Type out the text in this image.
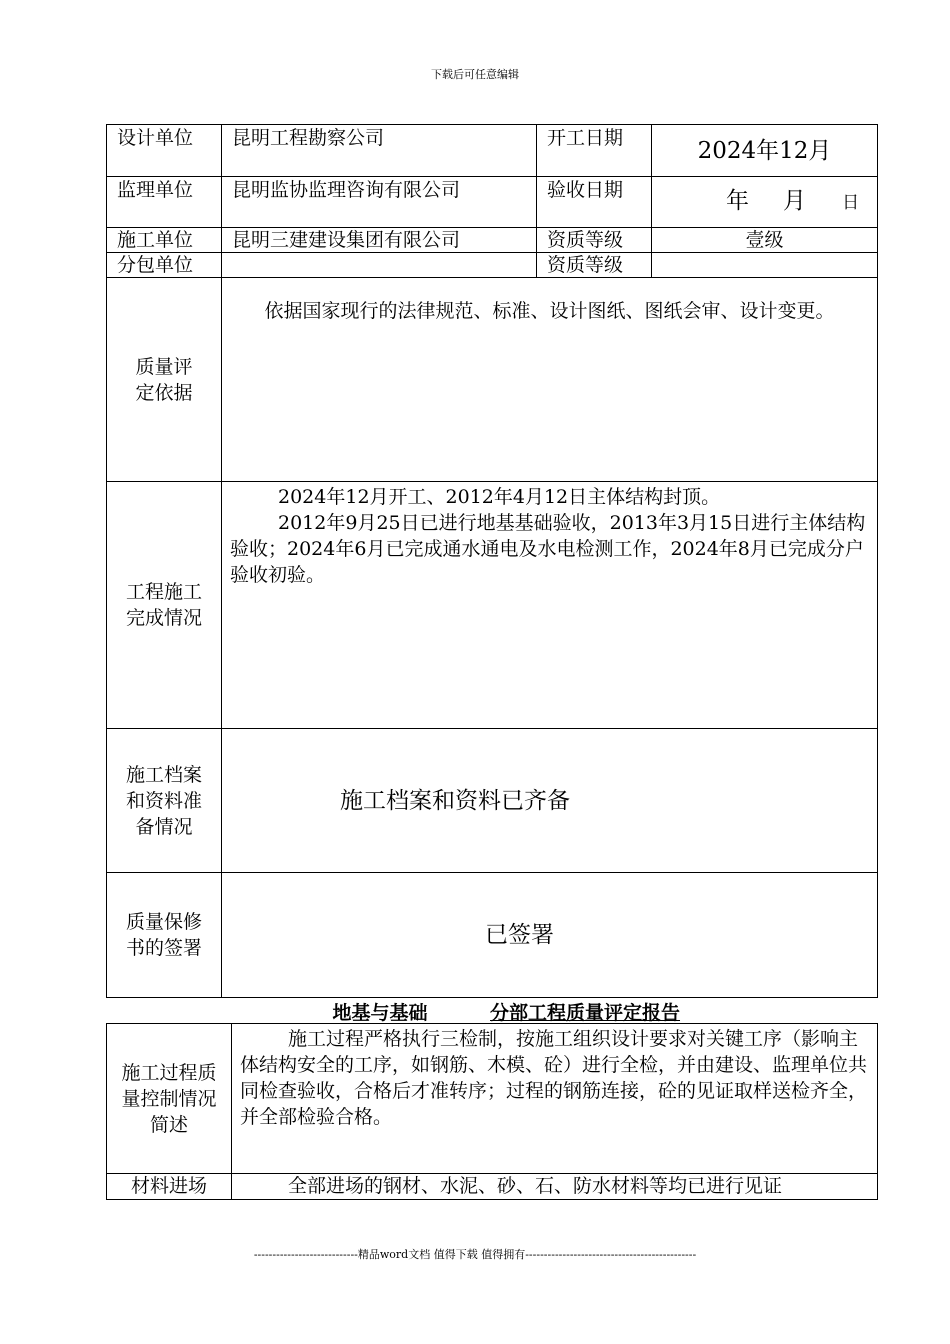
下载后可任意编辑
设计单位	昆明工程勘察公司	开工日期	2024年12月
监理单位	昆明监协监理咨询有限公司	验收日期	年 月 日
施工单位	昆明三建建设集团有限公司	资质等级	壹级
分包单位		资质等级	
质量评定依据	依据国家现行的法律规范、标准、设计图纸、图纸会审、设计变更。		
工程施工完成情况	2024年12月开工、2012年4月12日主体结构封顶。
2012年9月25日已进行地基基础验收，2013年3月15日进行主体结构验收；2024年6月已完成通水通电及水电检测工作，2024年8月已完成分户验收初验。		

施工档案和资料准备情况	施工档案和资料已齐备		
质量保修书的签署	已签署		
地基与基础	分部工程质量评定报告
施工过程质量控制情况简述	施工过程严格执行三检制，按施工组织设计要求对关键工序（影响主体结构安全的工序，如钢筋、木模、砼）进行全检，并由建设、监理单位共同检查验收，合格后才准转序；过程的钢筋连接，砼的见证取样送检齐全，并全部检验合格。
材料进场	全部进场的钢材、水泥、砂、石、防水材料等均已进行见证
----------------------------精品word文档 值得下载 值得拥有----------------------------------------------
